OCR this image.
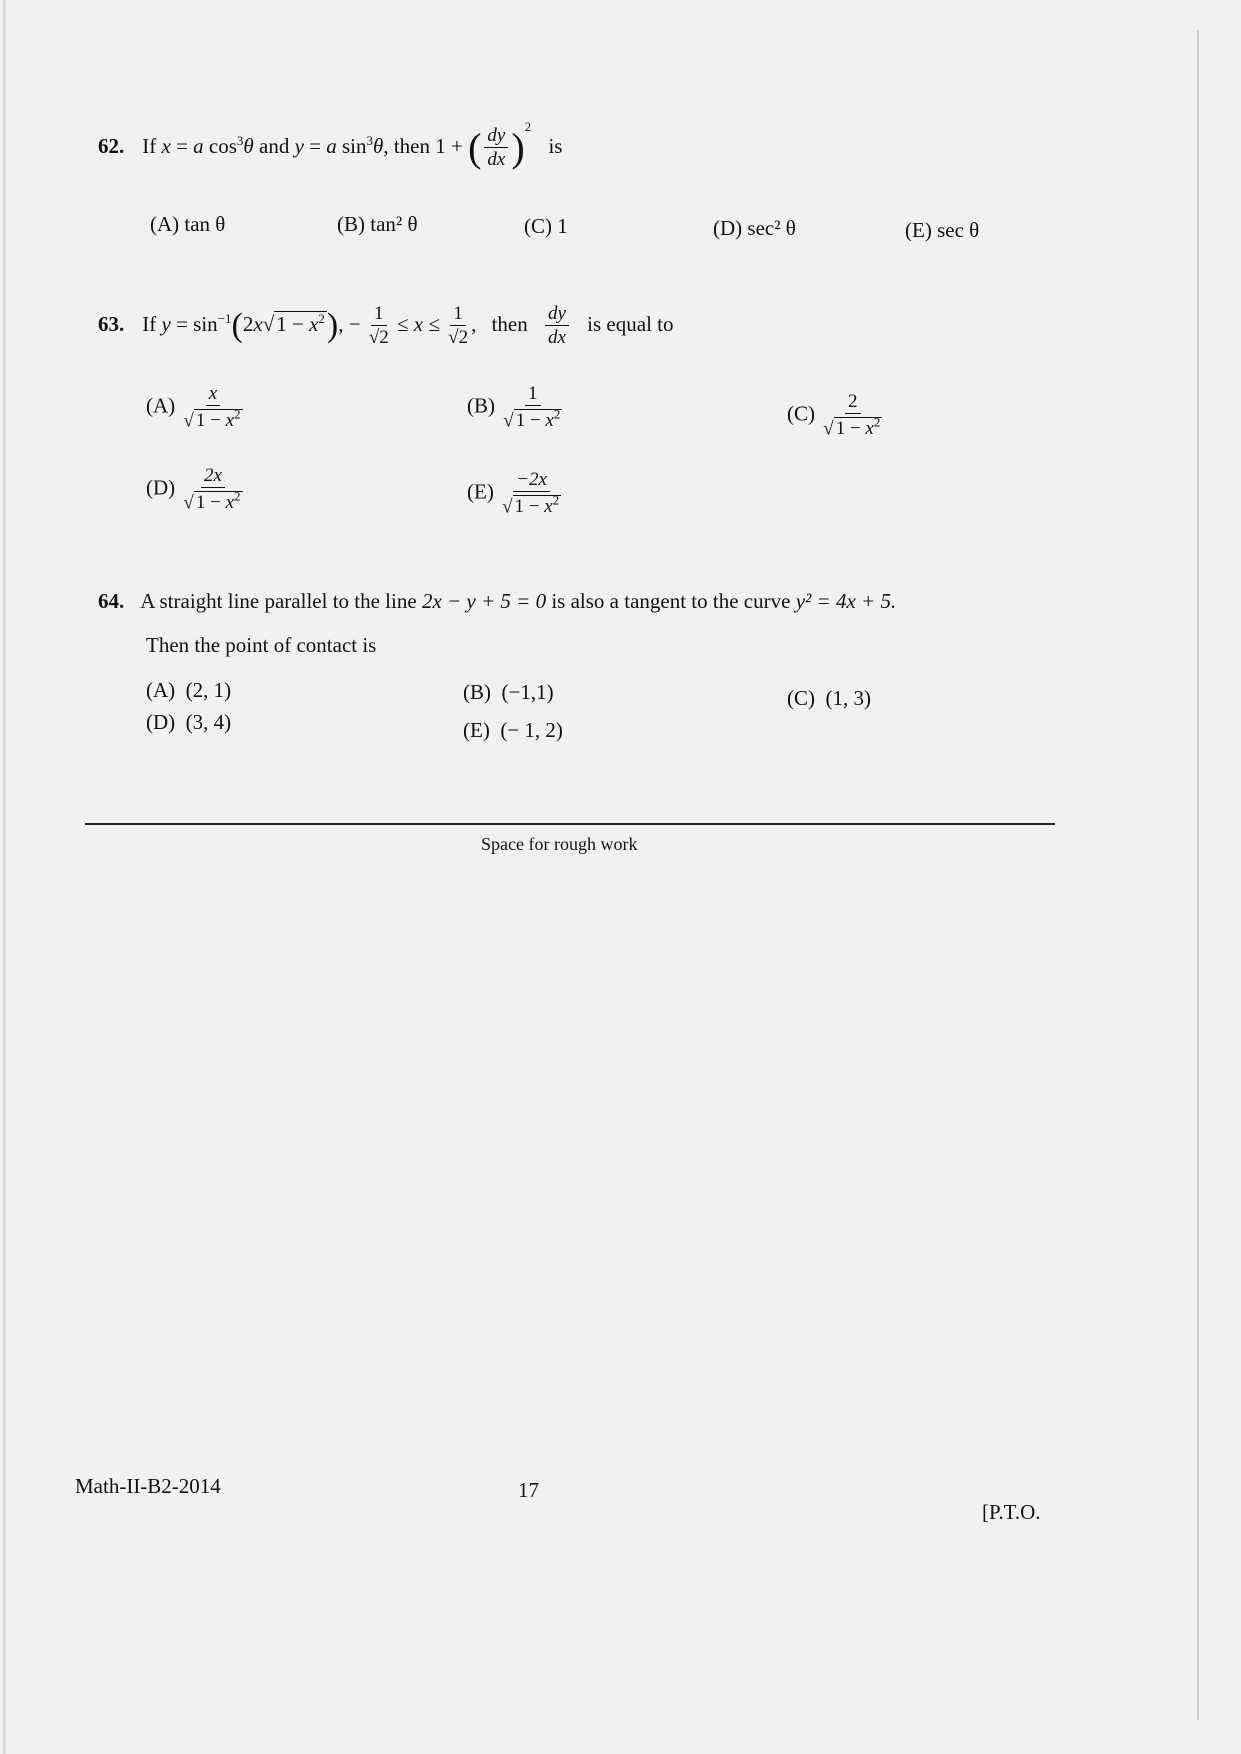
62. If x = a $\cos^3\theta$ and y = a $\sin^3\theta$, then 1 + ( $\frac{dy}{dx} )^2$ is
(A) tan θ	(B) tan² θ	(C) 1	(D) sec² θ	(E) sec θ
63. If $y = \sin^{-1}(2x√1 - x^2)$, − $\frac{1}{√2} \le x \le \frac{1}{√2}$ , then $\frac{dy}{dx}$ is equal to
$(A) \frac{x}{√ 1 - x^2}$	$(B) \frac{1}{√ 1 - x^2}$	$(C) \frac{2}{√ 1 - x^2}$
$(D) \frac{2x}{√ 1 - x^2}$	$(E) \frac{-2x}{√ 1 - x^2}$
64. A straight line parallel to the line 2x − y + 5 = 0 is also a tangent to the curve y² = 4x + 5.
Then the point of contact is
(A) (2, 1)	(B) (−1,1)	(C) (1, 3)
(D) (3, 4)	(E) (− 1, 2)
Space for rough work
Math-II-B2-2014	17
[P.T.O.
